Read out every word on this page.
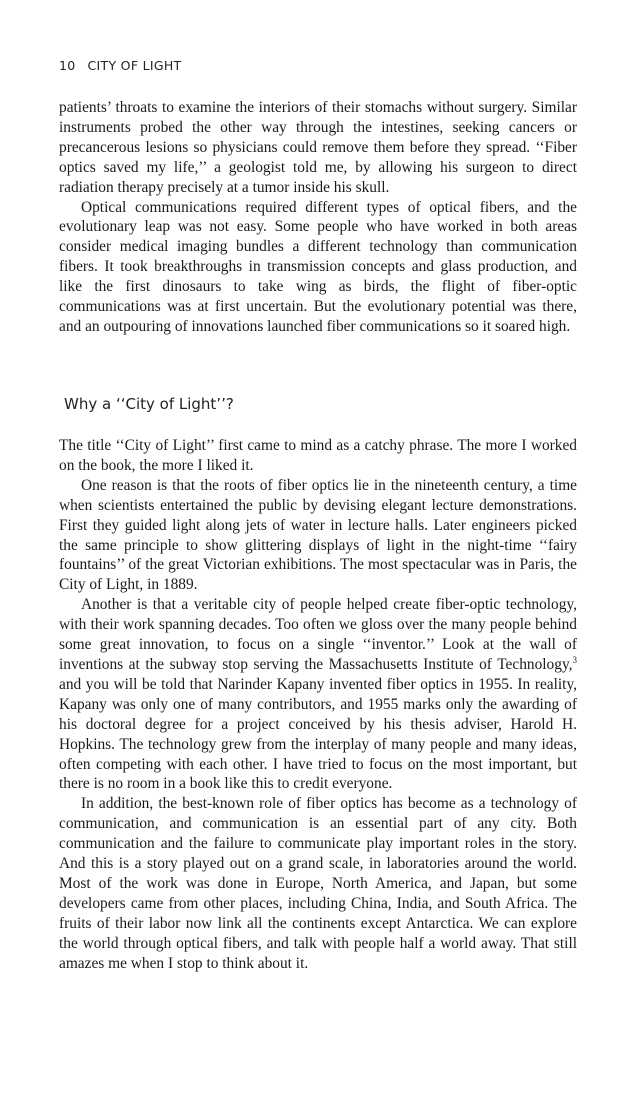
10 CITY OF LIGHT

patients’ throats to examine the interiors of their stomachs without surgery. Similar instruments probed the other way through the intestines, seeking cancers or precancerous lesions so physicians could remove them before they spread. ‘‘Fiber optics saved my life,’’ a geologist told me, by allowing his surgeon to direct radiation therapy precisely at a tumor inside his skull.

Optical communications required different types of optical fibers, and the evolutionary leap was not easy. Some people who have worked in both areas consider medical imaging bundles a different technology than communication fibers. It took breakthroughs in transmission concepts and glass production, and like the first dinosaurs to take wing as birds, the flight of fiber-optic communications was at first uncertain. But the evolutionary potential was there, and an outpouring of innovations launched fiber communications so it soared high.

Why a ‘‘City of Light’’?

The title ‘‘City of Light’’ first came to mind as a catchy phrase. The more I worked on the book, the more I liked it.

One reason is that the roots of fiber optics lie in the nineteenth century, a time when scientists entertained the public by devising elegant lecture demonstrations. First they guided light along jets of water in lecture halls. Later engineers picked the same principle to show glittering displays of light in the night-time ‘‘fairy fountains’’ of the great Victorian exhibitions. The most spectacular was in Paris, the City of Light, in 1889.

Another is that a veritable city of people helped create fiber-optic technology, with their work spanning decades. Too often we gloss over the many people behind some great innovation, to focus on a single ‘‘inventor.’’ Look at the wall of inventions at the subway stop serving the Massachusetts Institute of Technology,$^3$ and you will be told that Narinder Kapany invented fiber optics in 1955. In reality, Kapany was only one of many contributors, and 1955 marks only the awarding of his doctoral degree for a project conceived by his thesis adviser, Harold H. Hopkins. The technology grew from the interplay of many people and many ideas, often competing with each other. I have tried to focus on the most important, but there is no room in a book like this to credit everyone.

In addition, the best-known role of fiber optics has become as a technology of communication, and communication is an essential part of any city. Both communication and the failure to communicate play important roles in the story. And this is a story played out on a grand scale, in laboratories around the world. Most of the work was done in Europe, North America, and Japan, but some developers came from other places, including China, India, and South Africa. The fruits of their labor now link all the continents except Antarctica. We can explore the world through optical fibers, and talk with people half a world away. That still amazes me when I stop to think about it.
